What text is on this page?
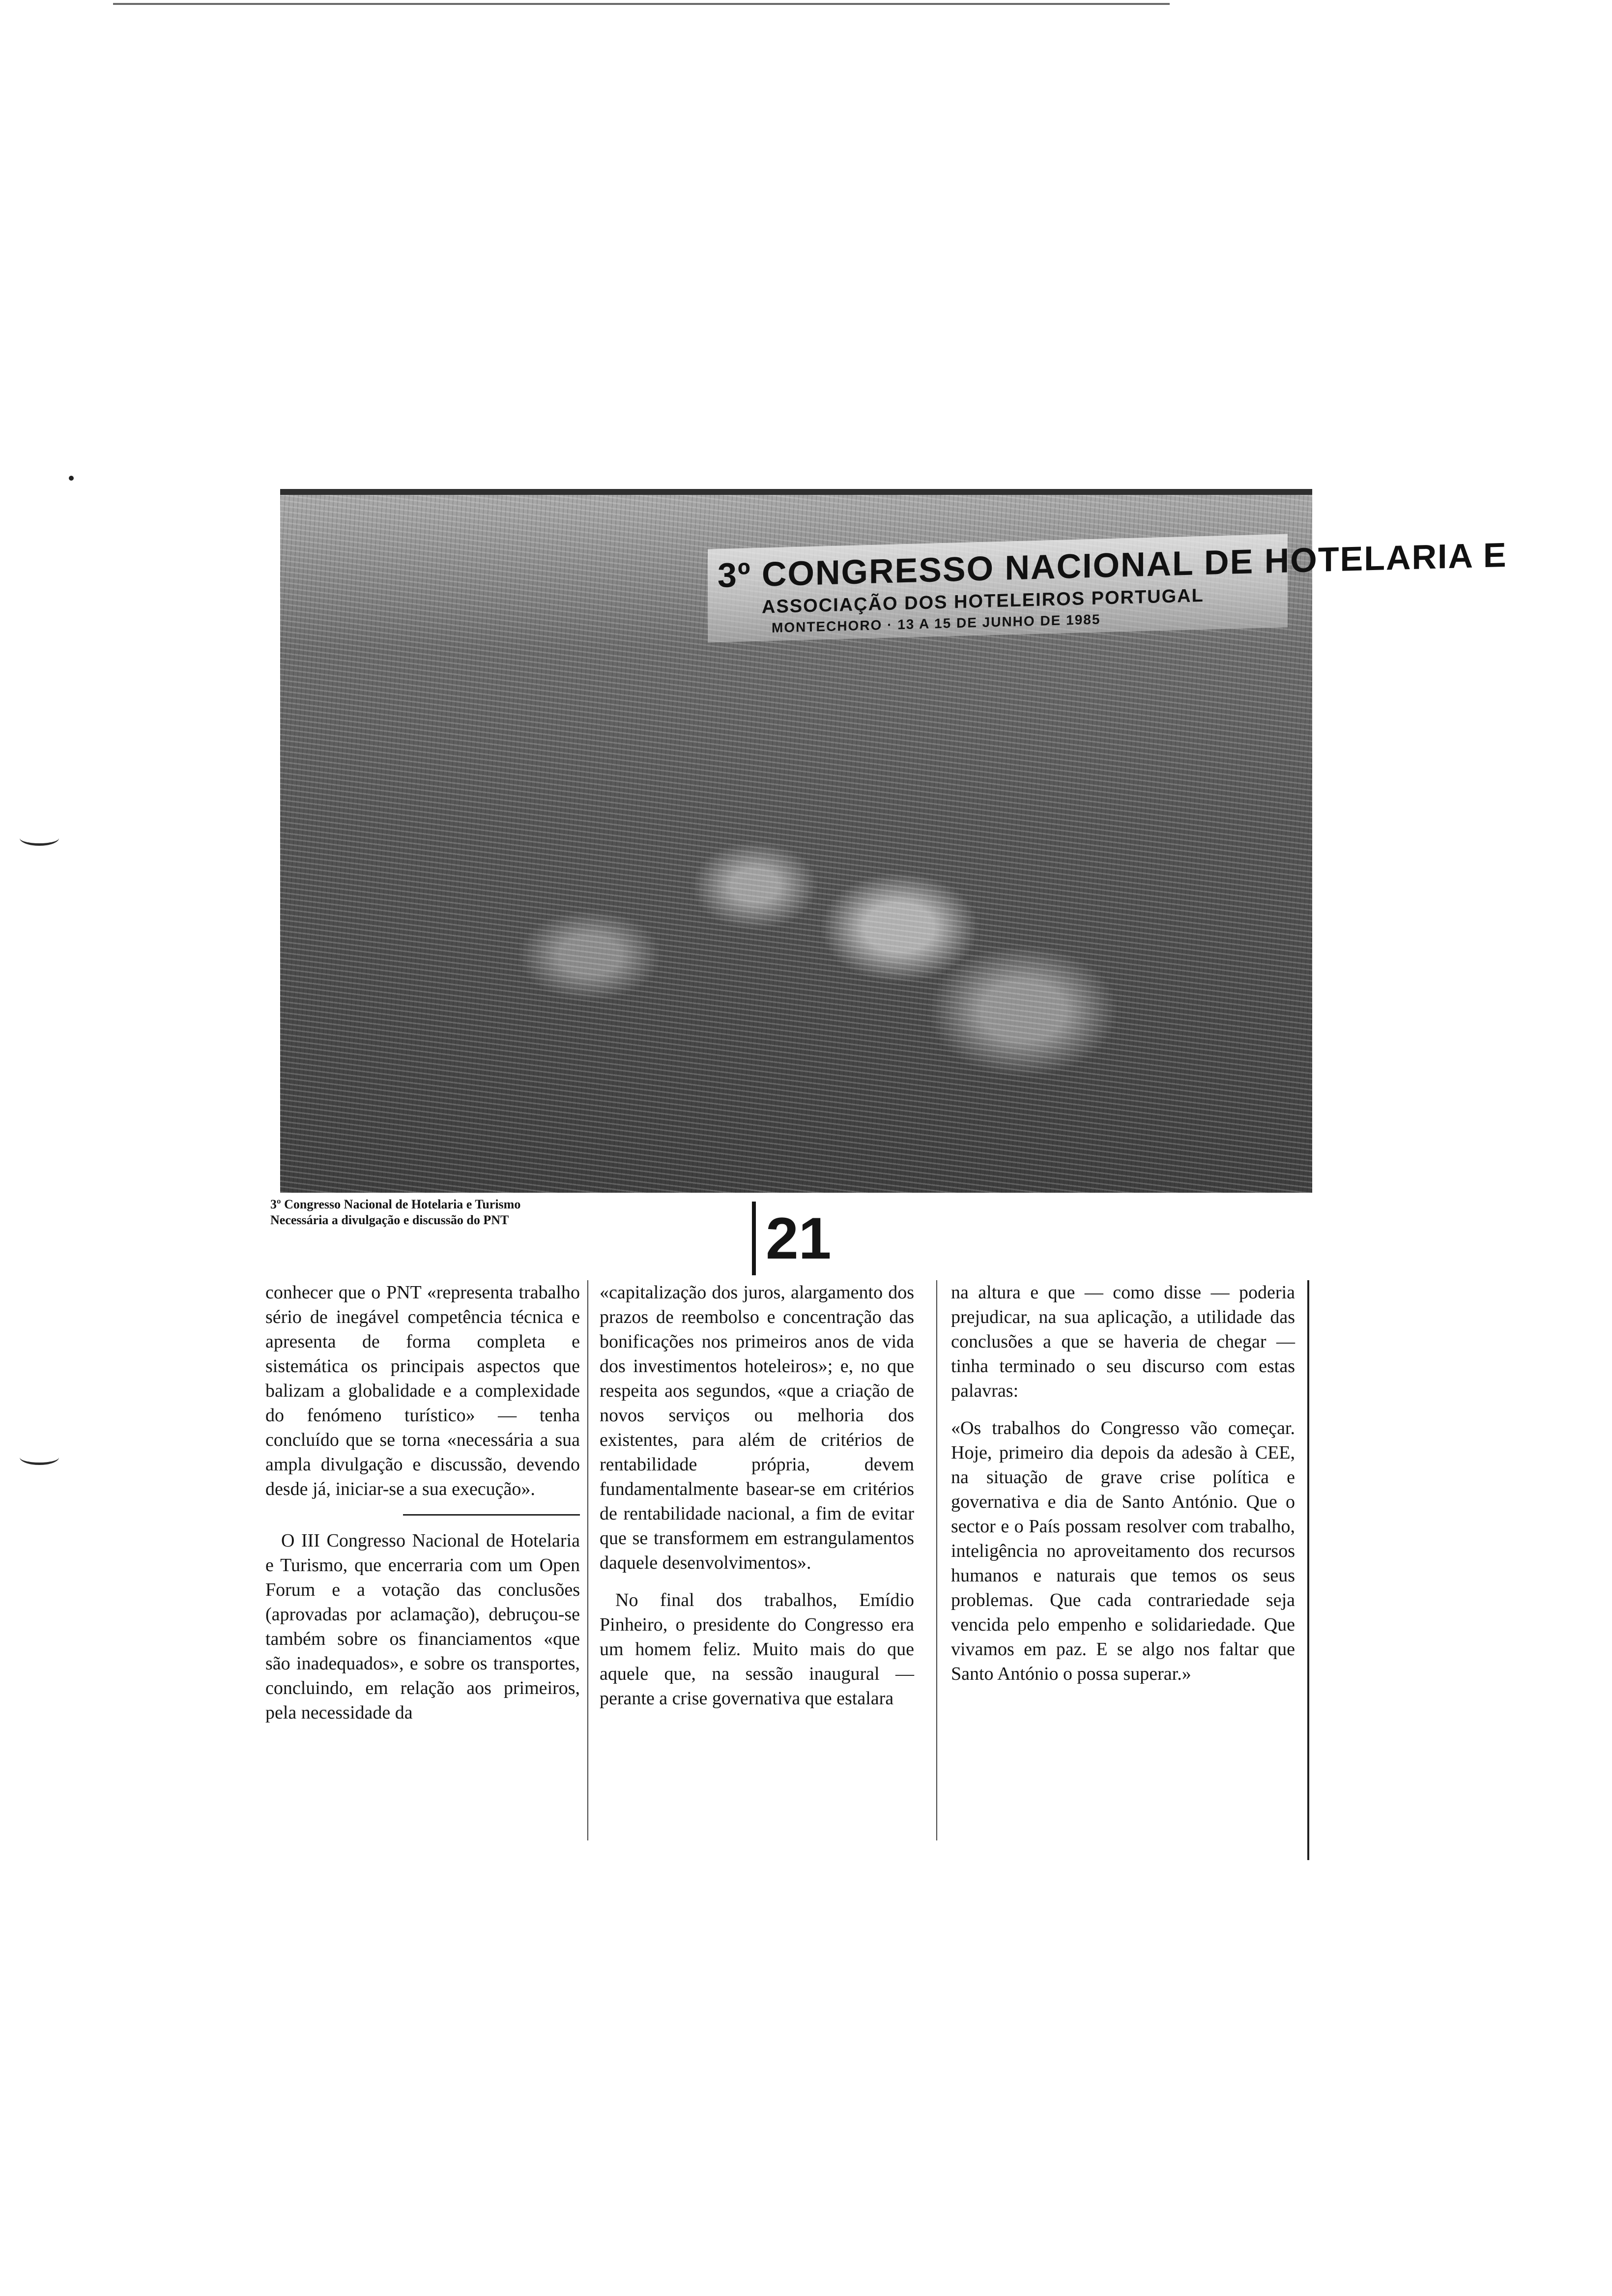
3º CONGRESSO NACIONAL DE HOTELARIA E
ASSOCIAÇÃO DOS HOTELEIROS PORTUGAL
MONTECHORO · 13 A 15 DE JUNHO DE 1985
3º Congresso Nacional de Hotelaria e Turismo
Necessária a divulgação e discussão do PNT	21

conhecer que o PNT «representa trabalho sério de inegável competência técnica e apresenta de forma completa e sistemática os principais aspectos que balizam a globalidade e a complexidade do fenómeno turístico» — tenha concluído que se torna «necessária a sua ampla divulgação e discussão, devendo desde já, iniciar-se a sua execução».

O III Congresso Nacional de Hotelaria e Turismo, que encerraria com um Open Forum e a votação das conclusões (aprovadas por aclamação), debruçou-se também sobre os financiamentos «que são inadequados», e sobre os transportes, concluindo, em relação aos primeiros, pela necessidade da

«capitalização dos juros, alargamento dos prazos de reembolso e concentração das bonificações nos primeiros anos de vida dos investimentos hoteleiros»; e, no que respeita aos segundos, «que a criação de novos serviços ou melhoria dos existentes, para além de critérios de rentabilidade própria, devem fundamentalmente basear-se em critérios de rentabilidade nacional, a fim de evitar que se transformem em estrangulamentos daquele desenvolvimentos».

No final dos trabalhos, Emídio Pinheiro, o presidente do Congresso era um homem feliz. Muito mais do que aquele que, na sessão inaugural — perante a crise governativa que estalara

na altura e que — como disse — poderia prejudicar, na sua aplicação, a utilidade das conclusões a que se haveria de chegar — tinha terminado o seu discurso com estas palavras:

«Os trabalhos do Congresso vão começar. Hoje, primeiro dia depois da adesão à CEE, na situação de grave crise política e governativa e dia de Santo António. Que o sector e o País possam resolver com trabalho, inteligência no aproveitamento dos recursos humanos e naturais que temos os seus problemas. Que cada contrariedade seja vencida pelo empenho e solidariedade. Que vivamos em paz. E se algo nos faltar que Santo António o possa superar.»
